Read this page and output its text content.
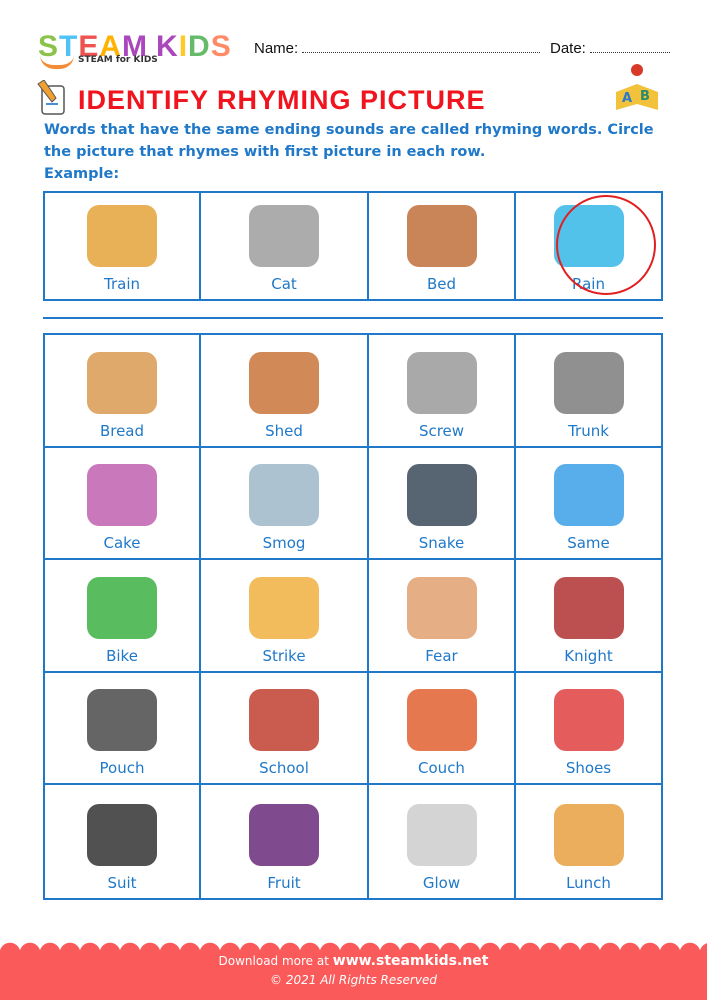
STEAM KIDS
STEAM for KIDS
Name:	Date:
A B
IDENTIFY RHYMING PICTURE
Words that have the same ending sounds are called rhyming words. Circle the picture that rhymes with first picture in each row.
Example:
Train	Cat	Bed	Rain
Bread	Shed	Screw	Trunk
Cake	Smog	Snake	Same
Bike	Strike	Fear	Knight
Pouch	School	Couch	Shoes
Suit	Fruit	Glow	Lunch
Download more at www.steamkids.net
© 2021 All Rights Reserved
